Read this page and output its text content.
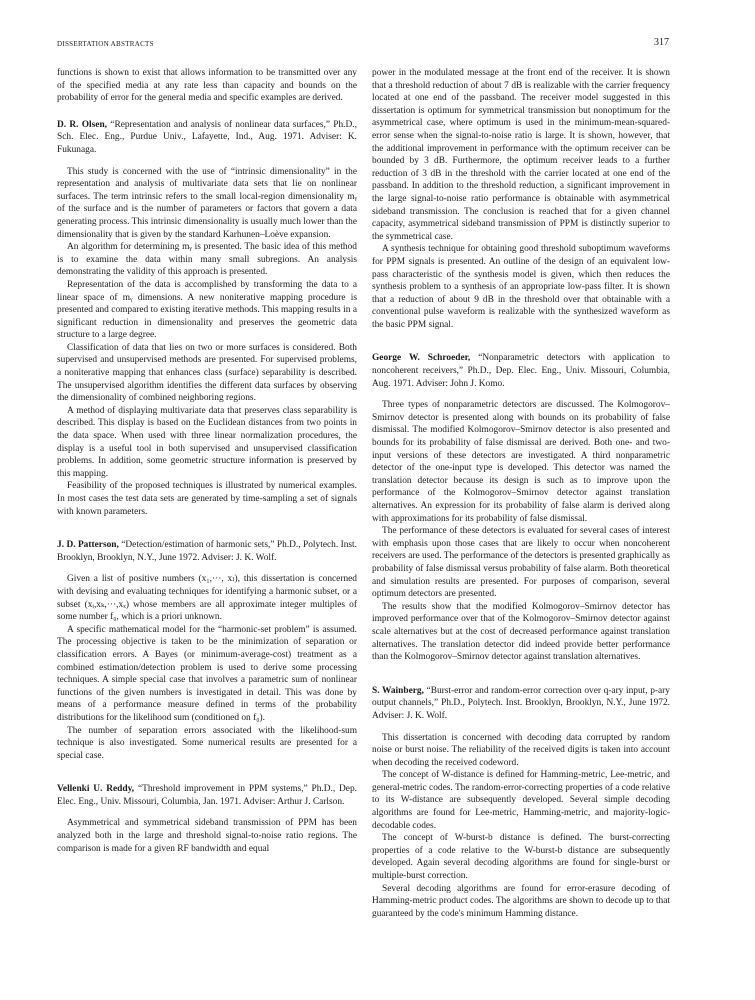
DISSERTATION ABSTRACTS	317

functions is shown to exist that allows information to be transmitted over any of the specified media at any rate less than capacity and bounds on the probability of error for the general media and specific examples are derived.

D. R. Olsen, “Representation and analysis of nonlinear data surfaces,” Ph.D., Sch. Elec. Eng., Purdue Univ., Lafayette, Ind., Aug. 1971. Adviser: K. Fukunaga.

This study is concerned with the use of “intrinsic dimensionality” in the representation and analysis of multivariate data sets that lie on nonlinear surfaces. The term intrinsic refers to the small local-region dimensionality mᵧ of the surface and is the number of parameters or factors that govern a data generating process. This intrinsic dimensionality is usually much lower than the dimensionality that is given by the standard Karhunen–Loève expansion.

An algorithm for determining mᵧ is presented. The basic idea of this method is to examine the data within many small subregions. An analysis demonstrating the validity of this approach is presented.

Representation of the data is accomplished by transforming the data to a linear space of mᵧ dimensions. A new noniterative mapping procedure is presented and compared to existing iterative methods. This mapping results in a significant reduction in dimensionality and preserves the geometric data structure to a large degree.

Classification of data that lies on two or more surfaces is considered. Both supervised and unsupervised methods are presented. For supervised problems, a noniterative mapping that enhances class (surface) separability is described. The unsupervised algorithm identifies the different data surfaces by observing the dimensionality of combined neighboring regions.

A method of displaying multivariate data that preserves class separability is described. This display is based on the Euclidean distances from two points in the data space. When used with three linear normalization procedures, the display is a useful tool in both supervised and unsupervised classification problems. In addition, some geometric structure information is preserved by this mapping.

Feasibility of the proposed techniques is illustrated by numerical examples. In most cases the test data sets are generated by time-sampling a set of signals with known parameters.

J. D. Patterson, “Detection/estimation of harmonic sets,” Ph.D., Polytech. Inst. Brooklyn, Brooklyn, N.Y., June 1972. Adviser: J. K. Wolf.

Given a list of positive numbers (x₁,···, xₗ), this dissertation is concerned with devising and evaluating techniques for identifying a harmonic subset, or a subset (xᵢ,xₖ,···,xₓ) whose members are all approximate integer multiples of some number f₀, which is a priori unknown.

A specific mathematical model for the “harmonic-set problem” is assumed. The processing objective is taken to be the minimization of separation or classification errors. A Bayes (or minimum-average-cost) treatment as a combined estimation/detection problem is used to derive some processing techniques. A simple special case that involves a parametric sum of nonlinear functions of the given numbers is investigated in detail. This was done by means of a performance measure defined in terms of the probability distributions for the likelihood sum (conditioned on f₀).

The number of separation errors associated with the likelihood-sum technique is also investigated. Some numerical results are presented for a special case.

Vellenki U. Reddy, “Threshold improvement in PPM systems,” Ph.D., Dep. Elec. Eng., Univ. Missouri, Columbia, Jan. 1971. Adviser: Arthur J. Carlson.

Asymmetrical and symmetrical sideband transmission of PPM has been analyzed both in the large and threshold signal-to-noise ratio regions. The comparison is made for a given RF bandwidth and equal

power in the modulated message at the front end of the receiver. It is shown that a threshold reduction of about 7 dB is realizable with the carrier frequency located at one end of the passband. The receiver model suggested in this dissertation is optimum for symmetrical transmission but nonoptimum for the asymmetrical case, where optimum is used in the minimum-mean-squared-error sense when the signal-to-noise ratio is large. It is shown, however, that the additional improvement in performance with the optimum receiver can be bounded by 3 dB. Furthermore, the optimum receiver leads to a further reduction of 3 dB in the threshold with the carrier located at one end of the passband. In addition to the threshold reduction, a significant improvement in the large signal-to-noise ratio performance is obtainable with asymmetrical sideband transmission. The conclusion is reached that for a given channel capacity, asymmetrical sideband transmission of PPM is distinctly superior to the symmetrical case.

A synthesis technique for obtaining good threshold suboptimum waveforms for PPM signals is presented. An outline of the design of an equivalent low-pass characteristic of the synthesis model is given, which then reduces the synthesis problem to a synthesis of an appropriate low-pass filter. It is shown that a reduction of about 9 dB in the threshold over that obtainable with a conventional pulse waveform is realizable with the synthesized waveform as the basic PPM signal.

George W. Schroeder, “Nonparametric detectors with application to noncoherent receivers,” Ph.D., Dep. Elec. Eng., Univ. Missouri, Columbia, Aug. 1971. Adviser: John J. Komo.

Three types of nonparametric detectors are discussed. The Kolmogorov–Smirnov detector is presented along with bounds on its probability of false dismissal. The modified Kolmogorov–Smirnov detector is also presented and bounds for its probability of false dismissal are derived. Both one- and two-input versions of these detectors are investigated. A third nonparametric detector of the one-input type is developed. This detector was named the translation detector because its design is such as to improve upon the performance of the Kolmogorov–Smirnov detector against translation alternatives. An expression for its probability of false alarm is derived along with approximations for its probability of false dismissal.

The performance of these detectors is evaluated for several cases of interest with emphasis upon those cases that are likely to occur when noncoherent receivers are used. The performance of the detectors is presented graphically as probability of false dismissal versus probability of false alarm. Both theoretical and simulation results are presented. For purposes of comparison, several optimum detectors are presented.

The results show that the modified Kolmogorov–Smirnov detector has improved performance over that of the Kolmogorov–Smirnov detector against scale alternatives but at the cost of decreased performance against translation alternatives. The translation detector did indeed provide better performance than the Kolmogorov–Smirnov detector against translation alternatives.

S. Wainberg, “Burst-error and random-error correction over q-ary input, p-ary output channels,” Ph.D., Polytech. Inst. Brooklyn, Brooklyn, N.Y., June 1972. Adviser: J. K. Wolf.

This dissertation is concerned with decoding data corrupted by random noise or burst noise. The reliability of the received digits is taken into account when decoding the received codeword.

The concept of W-distance is defined for Hamming-metric, Lee-metric, and general-metric codes. The random-error-correcting properties of a code relative to its W-distance are subsequently developed. Several simple decoding algorithms are found for Lee-metric, Hamming-metric, and majority-logic-decodable codes.

The concept of W-burst-b distance is defined. The burst-correcting properties of a code relative to the W-burst-b distance are subsequently developed. Again several decoding algorithms are found for single-burst or multiple-burst correction.

Several decoding algorithms are found for error-erasure decoding of Hamming-metric product codes. The algorithms are shown to decode up to that guaranteed by the code's minimum Hamming distance.
